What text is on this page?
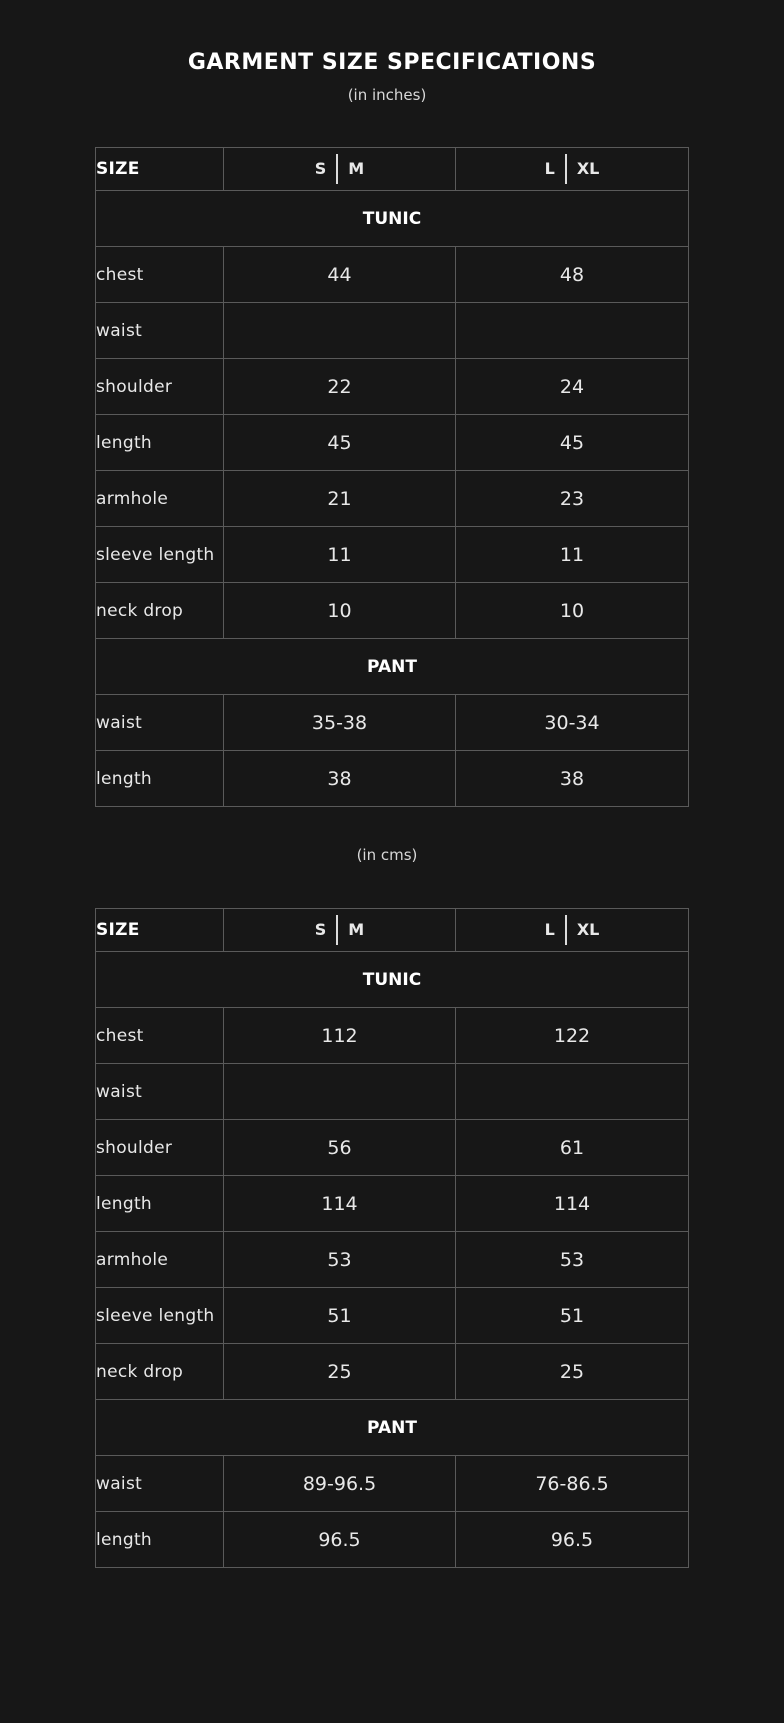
GARMENT SIZE SPECIFICATIONS
(in inches)
SIZE	S M	L XL
TUNIC		
chest	44	48
waist		
shoulder	22	24
length	45	45
armhole	21	23
sleeve length	11	11
neck drop	10	10
PANT		
waist	35-38	30-34
length	38	38
(in cms)
SIZE	S M	L XL
TUNIC		
chest	112	122
waist		
shoulder	56	61
length	114	114
armhole	53	53
sleeve length	51	51
neck drop	25	25
PANT		
waist	89-96.5	76-86.5
length	96.5	96.5
